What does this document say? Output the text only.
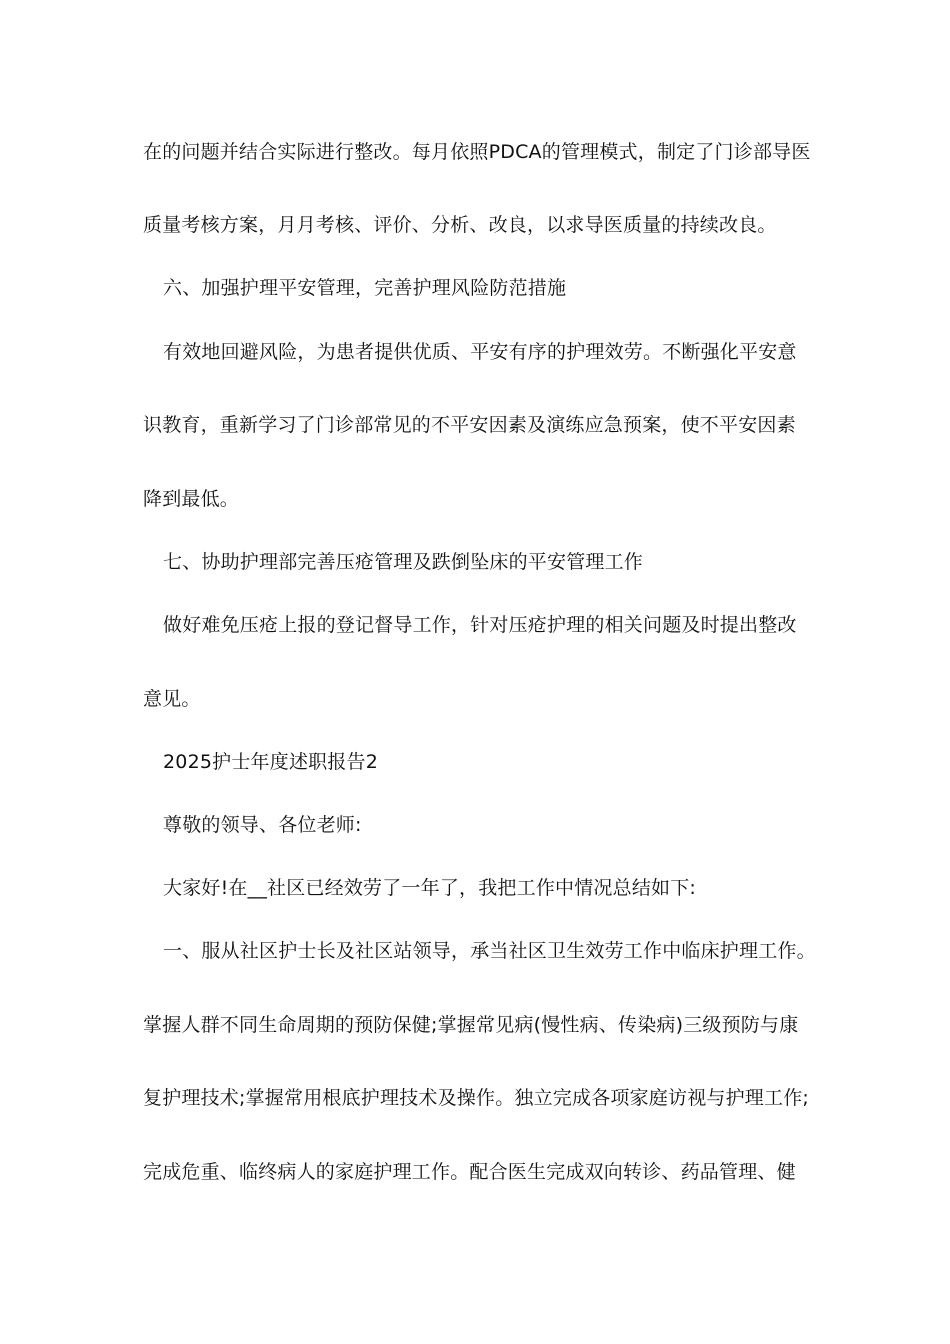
在的问题并结合实际进行整改。每月依照PDCA的管理模式，制定了门诊部导医
质量考核方案，月月考核、评价、分析、改良，以求导医质量的持续改良。
六、加强护理平安管理，完善护理风险防范措施
有效地回避风险，为患者提供优质、平安有序的护理效劳。不断强化平安意
识教育，重新学习了门诊部常见的不平安因素及演练应急预案，使不平安因素
降到最低。
七、协助护理部完善压疮管理及跌倒坠床的平安管理工作
做好难免压疮上报的登记督导工作，针对压疮护理的相关问题及时提出整改
意见。
2025护士年度述职报告2
尊敬的领导、各位老师:
大家好!在__社区已经效劳了一年了，我把工作中情况总结如下:
一、服从社区护士长及社区站领导，承当社区卫生效劳工作中临床护理工作。
掌握人群不同生命周期的预防保健;掌握常见病(慢性病、传染病)三级预防与康
复护理技术;掌握常用根底护理技术及操作。独立完成各项家庭访视与护理工作;
完成危重、临终病人的家庭护理工作。配合医生完成双向转诊、药品管理、健
